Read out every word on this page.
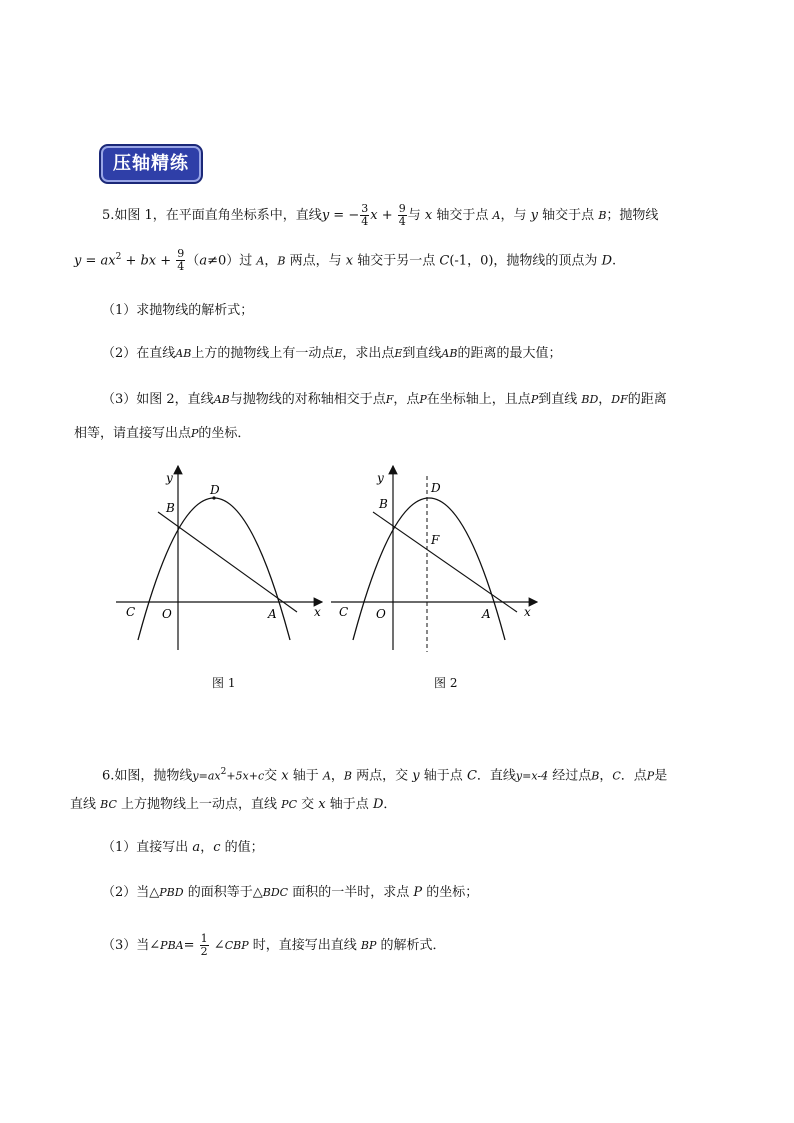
压轴精练
5.如图 1，在平面直角坐标系中，直线y = − $\frac{3}{4}$ $x + \frac{9}{4}$ 与 x 轴交于点 A，与 y 轴交于点 B；抛物线
$y = ax^2$ + bx + $\frac{9}{4} (a\ne 0)$过 A，B 两点，与 x 轴交于另一点 C(-1，0)，抛物线的顶点为 D.
（1）求抛物线的解析式；
（2）在直线AB上方的抛物线上有一动点E，求出点E到直线AB的距离的最大值；
（3）如图 2，直线AB与抛物线的对称轴相交于点F，点P在坐标轴上，且点P到直线 BD，DF的距离
相等，请直接写出点P的坐标．
y
x
O	A
B
C
D
图 1
y
x
O	A
B
C
D
F
图 2
6.如图，抛物线$y=ax^2+5x+c$交 x 轴于 A，B 两点，交 y 轴于点 C．直线y=x-4 经过点B，C．点P是
直线 BC 上方抛物线上一动点，直线 PC 交 x 轴于点 D．
（1）直接写出 a，c 的值；
（2）当△PBD 的面积等于△BDC 面积的一半时，求点 P 的坐标；
（3）当∠PBA= $\frac{1}{2}$ ∠CBP 时，直接写出直线 BP 的解析式．
